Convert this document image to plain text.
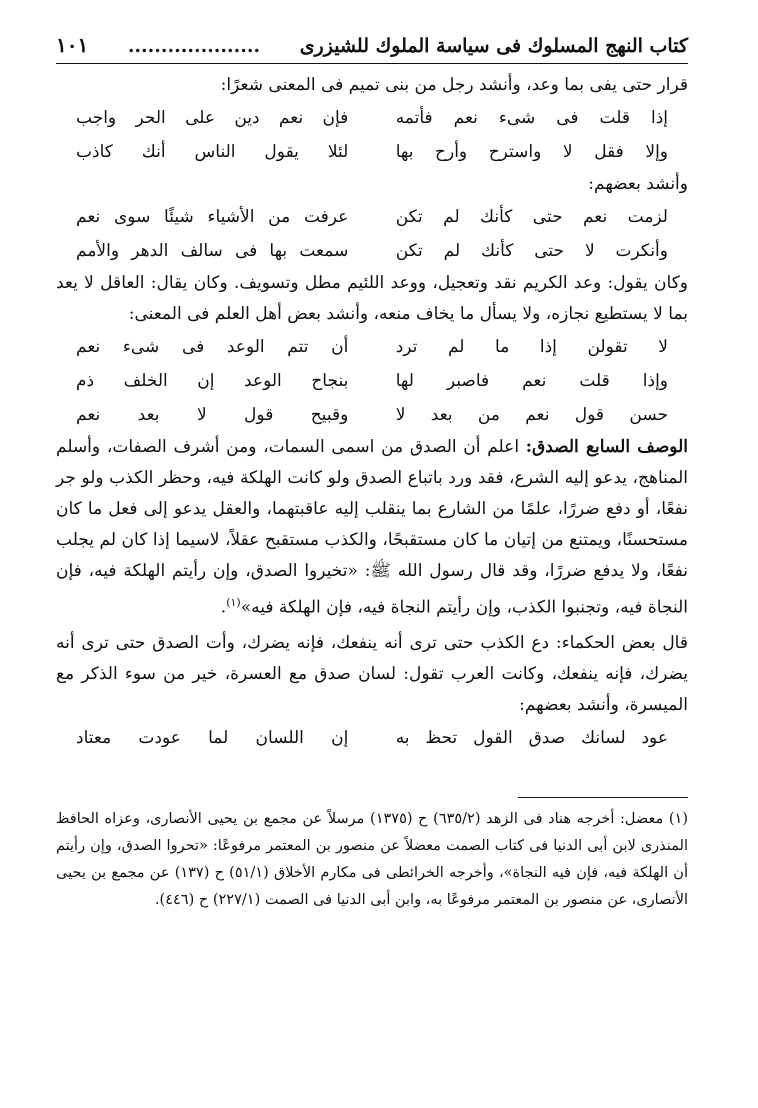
كتاب النهج المسلوك فى سياسة الملوك للشيزرى
....................
١٠١

قرار حتى يفى بما وعد، وأنشد رجل من بنى تميم فى المعنى شعرًا:

إذا قلت فى شىء نعم فأتمه
فإن نعم دين على الحر واجب
وإلا فقل لا واسترح وأرح بها
لئلا يقول الناس أنك كاذب

وأنشد بعضهم:

لزمت نعم حتى كأنك لم تكن
عرفت من الأشياء شيئًا سوى نعم
وأنكرت لا حتى كأنك لم تكن
سمعت بها فى سالف الدهر والأمم

وكان يقول: وعد الكريم نقد وتعجيل، ووعد اللئيم مطل وتسويف. وكان يقال: العاقل لا يعد بما لا يستطيع نجازه، ولا يسأل ما يخاف منعه، وأنشد بعض أهل العلم فى المعنى:

لا تقولن إذا ما لم ترد
أن تتم الوعد فى شىء نعم
وإذا قلت نعم فاصبر لها
بنجاح الوعد إن الخلف ذم
حسن قول نعم من بعد لا
وقبيح قول لا بعد نعم

الوصف السابع الصدق: اعلم أن الصدق من اسمى السمات، ومن أشرف الصفات، وأسلم المناهج، يدعو إليه الشرع، فقد ورد باتباع الصدق ولو كانت الهلكة فيه، وحظر الكذب ولو جر نفعًا، أو دفع ضررًا، علمًا من الشارع بما ينقلب إليه عاقبتهما، والعقل يدعو إلى فعل ما كان مستحسنًا، ويمتنع من إتيان ما كان مستقبحًا، والكذب مستقبح عقلاً، لاسيما إذا كان لم يجلب نفعًا، ولا يدفع ضررًا، وقد قال رسول الله ﷺ: «تخيروا الصدق، وإن رأيتم الهلكة فيه، فإن النجاة فيه، وتجنبوا الكذب، وإن رأيتم النجاة فيه، فإن الهلكة فيه»$^{(١)}$.

قال بعض الحكماء: دع الكذب حتى ترى أنه ينفعك، فإنه يضرك، وأت الصدق حتى ترى أنه يضرك، فإنه ينفعك، وكانت العرب تقول: لسان صدق مع العسرة، خير من سوء الذكر مع الميسرة، وأنشد بعضهم:

عود لسانك صدق القول تحظ به
إن اللسان لما عودت معتاد

(١) معضل: أخرجه هناد فى الزهد (٦٣٥/٢) ح (١٣٧٥) مرسلاً عن مجمع بن يحيى الأنصارى، وعزاه الحافظ المنذرى لابن أبى الدنيا فى كتاب الصمت معضلاً عن منصور بن المعتمر مرفوعًا: «تحروا الصدق، وإن رأيتم أن الهلكة فيه، فإن فيه النجاة»، وأخرجه الخرائطى فى مكارم الأخلاق (٥١/١) ح (١٣٧) عن مجمع بن يحيى الأنصارى، عن منصور بن المعتمر مرفوعًا به، وابن أبى الدنيا فى الصمت (٢٢٧/١) ح (٤٤٦).
